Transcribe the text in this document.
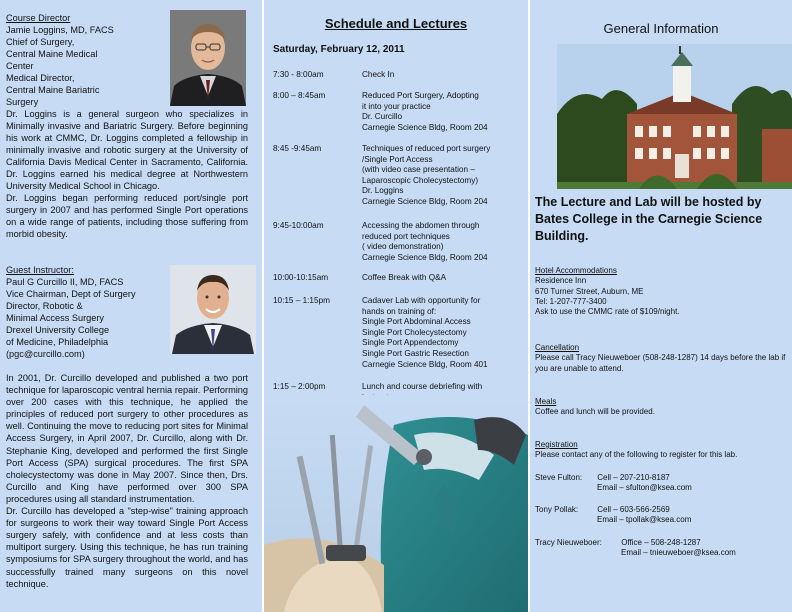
Course Director
Jamie Loggins, MD, FACS
Chief of Surgery,
Central Maine Medical
Center
Medical Director,
Central Maine Bariatric
Surgery
Dr. Loggins is a general surgeon who specializes in Minimally invasive and Bariatric Surgery. Before beginning his work at CMMC, Dr. Loggins completed a fellowship in minimally invasive and robotic surgery at the University of California Davis Medical Center in Sacramento, California. Dr. Loggins earned his medical degree at Northwestern University Medical School in Chicago.
Dr. Loggins began performing reduced port/single port surgery in 2007 and has performed Single Port operations on a wide range of patients, including those suffering from morbid obesity.
Guest Instructor:
Paul G Curcillo II, MD, FACS
Vice Chairman, Dept of Surgery
Director, Robotic &
Minimal Access Surgery
Drexel University College
of Medicine, Philadelphia
(pgc@curcillo.com)
In 2001, Dr. Curcillo developed and published a two port technique for laparoscopic ventral hernia repair. Performing over 200 cases with this technique, he applied the principles of reduced port surgery to other procedures as well. Continuing the move to reducing port sites for Minimal Access Surgery, in April 2007, Dr. Curcillo, along with Dr. Stephanie King, developed and performed the first Single Port Access (SPA) surgical procedures. The first SPA cholecystectomy was done in May 2007. Since then, Drs. Curcillo and King have performed over 300 SPA procedures using all standard instrumentation.
Dr. Curcillo has developed a "step-wise" training approach for surgeons to work their way toward Single Port Access surgery safely, with confidence and at less costs than multiport surgery. Using this technique, he has run training symposiums for SPA surgery throughout the world, and has successfully trained many surgeons on this novel technique.
Schedule and Lectures
Saturday, February 12, 2011
7:30 - 8:00am	Check In
8:00 – 8:45am	Reduced Port Surgery, Adopting
it into your practice
Dr. Curcillo
Carnegie Science Bldg, Room 204
8:45 -9:45am	Techniques of reduced port surgery
/Single Port Access
(with video case presentation –
Laparoscopic Cholecystectomy)
Dr. Loggins
Carnegie Science Bldg, Room 204
9:45-10:00am	Accessing the abdomen through
reduced port techniques
( video demonstration)
Carnegie Science Bldg, Room 204
10:00-10:15am	Coffee Break with Q&A
10:15 – 1:15pm	Cadaver Lab with opportunity for
hands on training of:
Single Port Abdominal Access
Single Port Cholecystectomy
Single Port Appendectomy
Single Port Gastric Resection
Carnegie Science Bldg, Room 401
1:15 – 2:00pm	Lunch and course debriefing with
General Information
The Lecture and Lab will be hosted by Bates College in the Carnegie Science Building.
Hotel Accommodations
Residence Inn
670 Turner Street, Auburn, ME
Tel: 1-207-777-3400
Ask to use the CMMC rate of $109/night.
Cancellation
Please call Tracy Nieuweboer (508-248-1287) 14 days before the lab if you are unable to attend.
Meals
Coffee and lunch will be provided.
Registration
Please contact any of the following to register for this lab.
Steve Fulton: Cell – 207-210-8187
Email – sfulton@ksea.com
Tony Pollak: Cell – 603-566-2569
Email – tpollak@ksea.com
Tracy Nieuweboer: Office – 508-248-1287
Email – tnieuweboer@ksea.com
